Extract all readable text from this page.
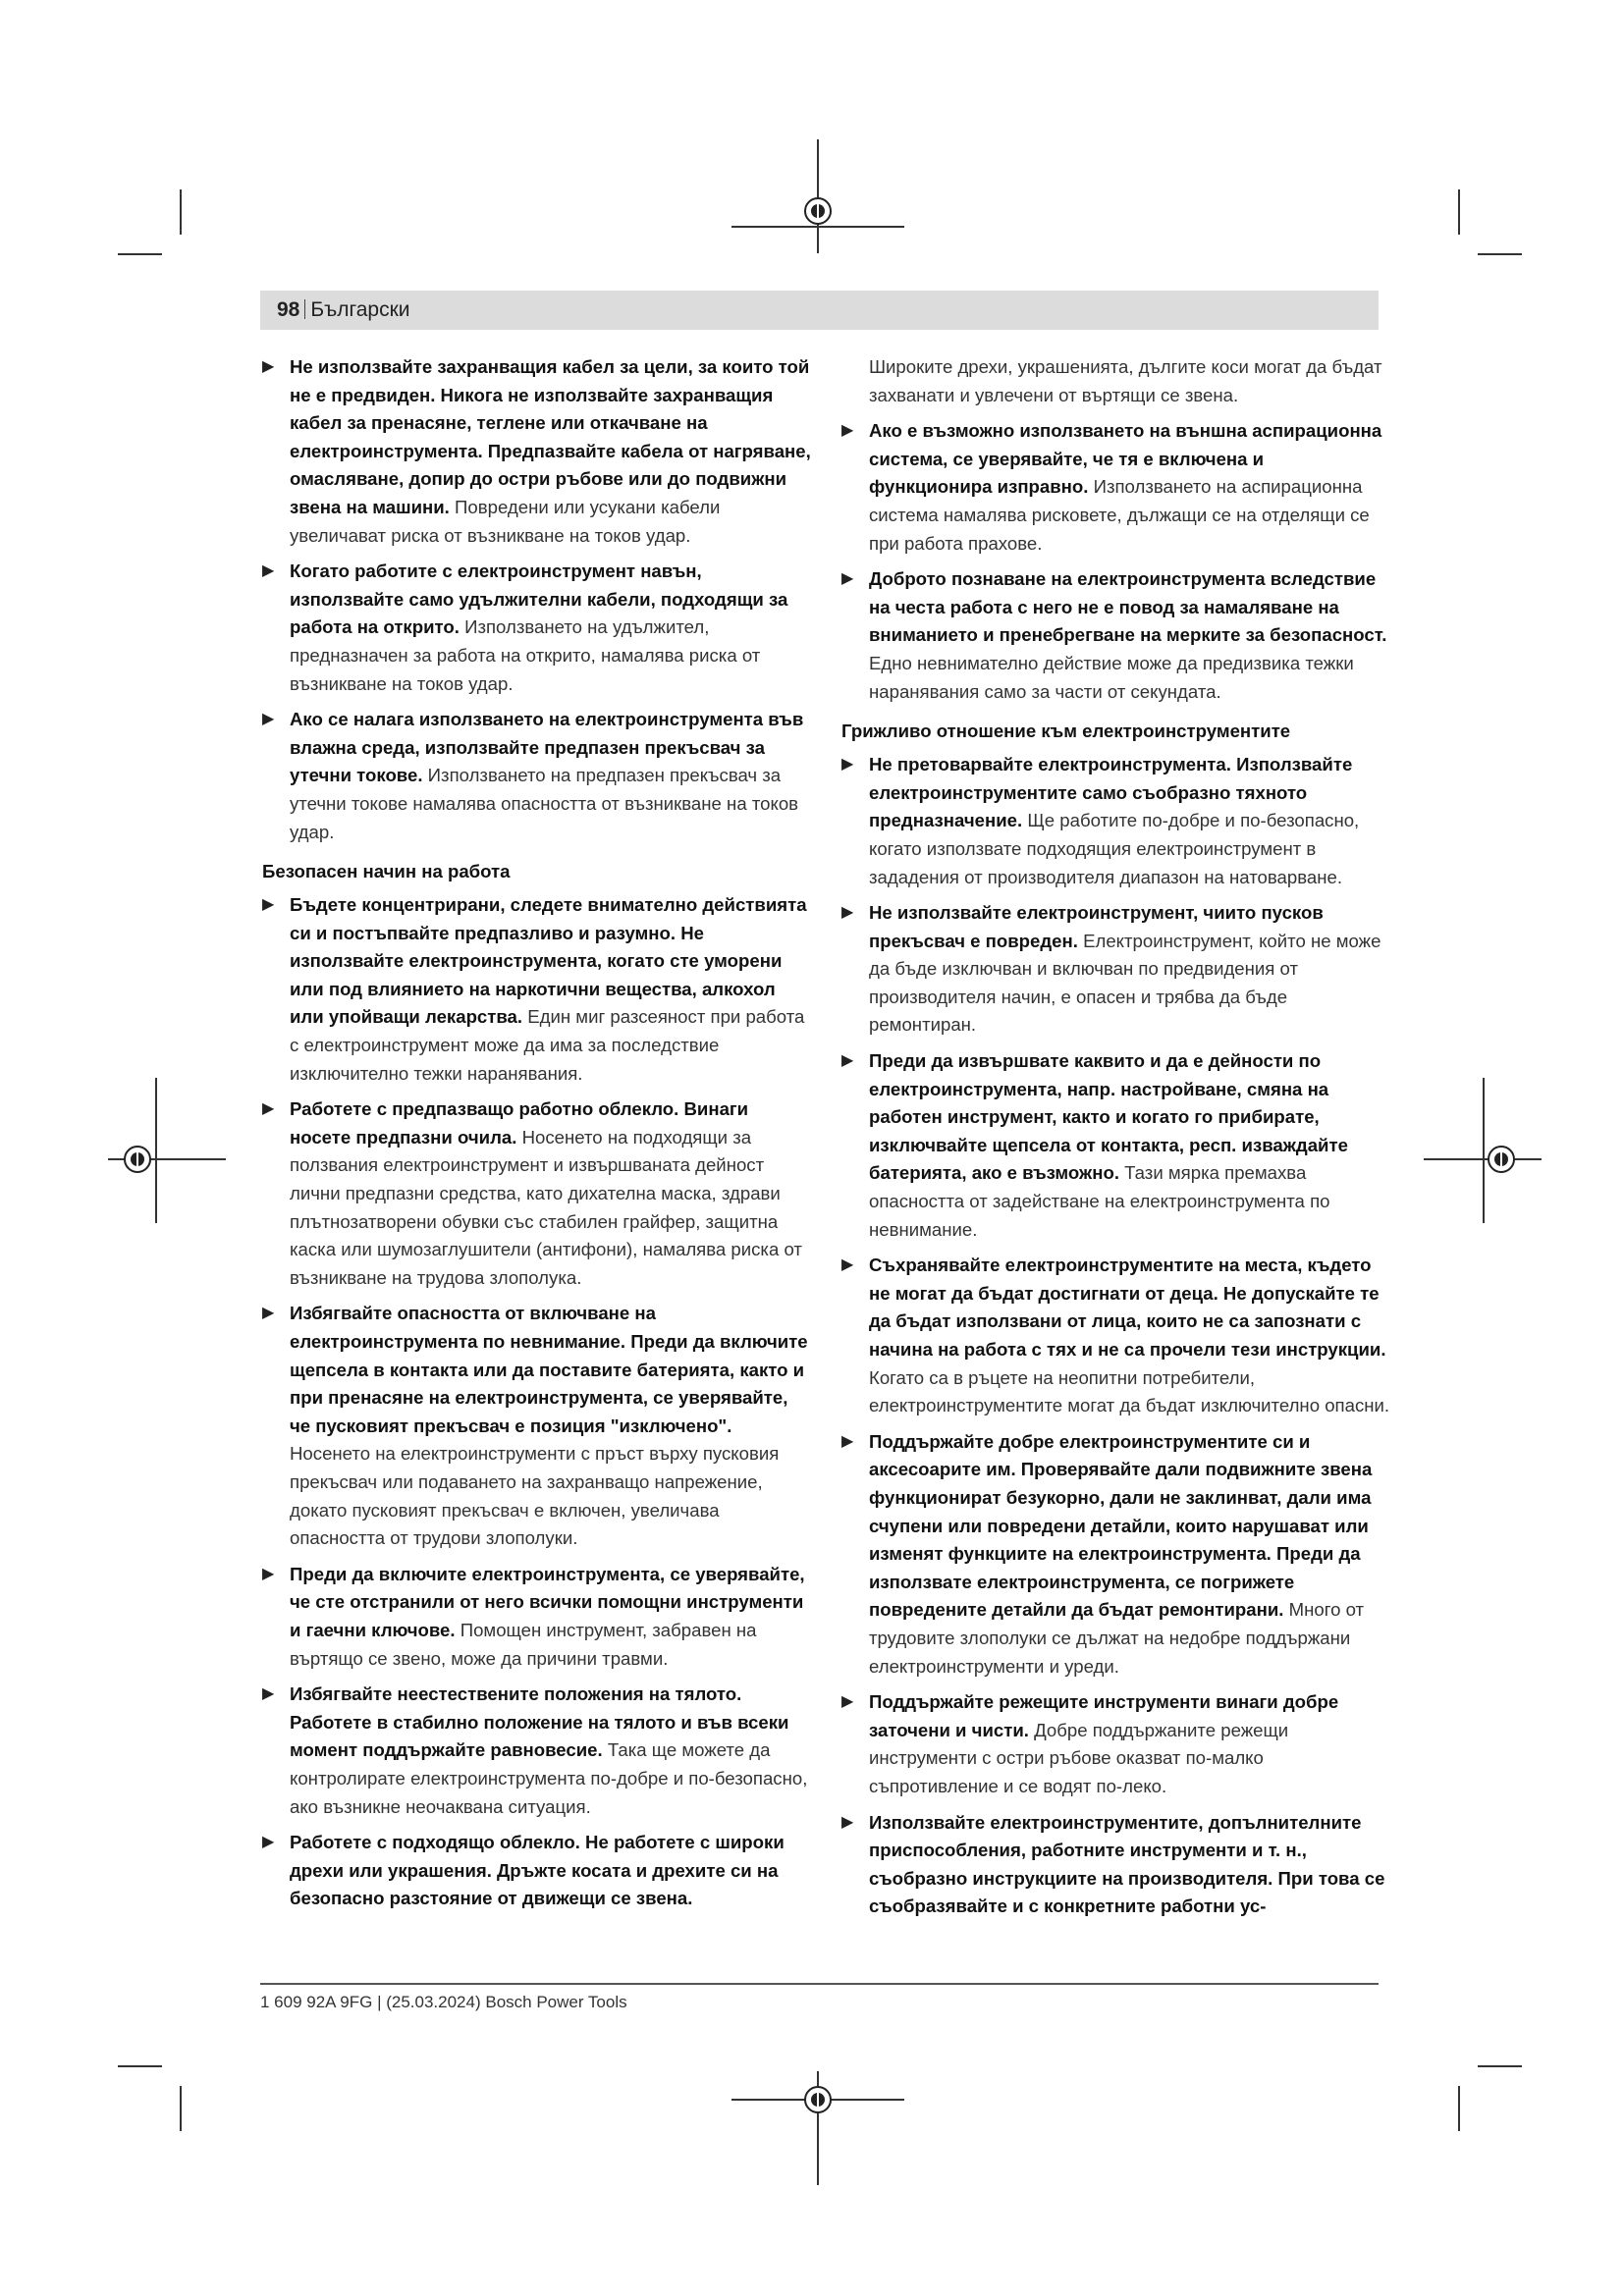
98 Български
▶ Не използвайте захранващия кабел за цели, за които той не е предвиден. Никога не използвайте захранващия кабел за пренасяне, теглене или откачване на електроинструмента. Предпазвайте кабела от нагряване, омасляване, допир до остри ръбове или до подвижни звена на машини. Повредени или усукани кабели увеличават риска от възникване на токов удар.
▶ Когато работите с електроинструмент навън, използвайте само удължителни кабели, подходящи за работа на открито. Използването на удължител, предназначен за работа на открито, намалява риска от възникване на токов удар.
▶ Ако се налага използването на електроинструмента във влажна среда, използвайте предпазен прекъсвач за утечни токове. Използването на предпазен прекъсвач за утечни токове намалява опасността от възникване на токов удар.
Безопасен начин на работа
▶ Бъдете концентрирани, следете внимателно действията си и постъпвайте предпазливо и разумно. Не използвайте електроинструмента, когато сте уморени или под влиянието на наркотични вещества, алкохол или упойващи лекарства. Един миг разсеяност при работа с електроинструмент може да има за последствие изключително тежки наранявания.
▶ Работете с предпазващо работно облекло. Винаги носете предпазни очила. Носенето на подходящи за ползвания електроинструмент и извършваната дейност лични предпазни средства, като дихателна маска, здрави плътнозатворени обувки със стабилен грайфер, защитна каска или шумозаглушители (антифони), намалява риска от възникване на трудова злополука.
▶ Избягвайте опасността от включване на електроинструмента по невнимание. Преди да включите щепсела в контакта или да поставите батерията, както и при пренасяне на електроинструмента, се уверявайте, че пусковият прекъсвач е позиция "изключено". Носенето на електроинструменти с пръст върху пусковия прекъсвач или подаването на захранващо напрежение, докато пусковият прекъсвач е включен, увеличава опасността от трудови злополуки.
▶ Преди да включите електроинструмента, се уверявайте, че сте отстранили от него всички помощни инструменти и гаечни ключове. Помощен инструмент, забравен на въртящо се звено, може да причини травми.
▶ Избягвайте неестествените положения на тялото. Работете в стабилно положение на тялото и във всеки момент поддържайте равновесие. Така ще можете да контролирате електроинструмента по-добре и по-безопасно, ако възникне неочаквана ситуация.
▶ Работете с подходящо облекло. Не работете с широки дрехи или украшения. Дръжте косата и дрехите си на безопасно разстояние от движещи се звена.
Широките дрехи, украшенията, дългите коси могат да бъдат захванати и увлечени от въртящи се звена.
▶ Ако е възможно използването на външна аспирационна система, се уверявайте, че тя е включена и функционира изправно. Използването на аспирационна система намалява рисковете, дължащи се на отделящи се при работа прахове.
▶ Доброто познаване на електроинструмента вследствие на честа работа с него не е повод за намаляване на вниманието и пренебрегване на мерките за безопасност. Едно невнимателно действие може да предизвика тежки наранявания само за части от секундата.
Грижливо отношение към електроинструментите
▶ Не претоварвайте електроинструмента. Използвайте електроинструментите само съобразно тяхното предназначение. Ще работите по-добре и по-безопасно, когато използвате подходящия електроинструмент в зададения от производителя диапазон на натоварване.
▶ Не използвайте електроинструмент, чиито пусков прекъсвач е повреден. Електроинструмент, който не може да бъде изключван и включван по предвидения от производителя начин, е опасен и трябва да бъде ремонтиран.
▶ Преди да извършвате каквито и да е дейности по електроинструмента, напр. настройване, смяна на работен инструмент, както и когато го прибирате, изключвайте щепсела от контакта, респ. изваждайте батерията, ако е възможно. Тази мярка премахва опасността от задействане на електроинструмента по невнимание.
▶ Съхранявайте електроинструментите на места, където не могат да бъдат достигнати от деца. Не допускайте те да бъдат използвани от лица, които не са запознати с начина на работа с тях и не са прочели тези инструкции. Когато са в ръцете на неопитни потребители, електроинструментите могат да бъдат изключително опасни.
▶ Поддържайте добре електроинструментите си и аксесоарите им. Проверявайте дали подвижните звена функционират безукорно, дали не заклинват, дали има счупени или повредени детайли, които нарушават или изменят функциите на електроинструмента. Преди да използвате електроинструмента, се погрижете повредените детайли да бъдат ремонтирани. Много от трудовите злополуки се дължат на недобре поддържани електроинструменти и уреди.
▶ Поддържайте режещите инструменти винаги добре заточени и чисти. Добре поддържаните режещи инструменти с остри ръбове оказват по-малко съпротивление и се водят по-леко.
▶ Използвайте електроинструментите, допълнителните приспособления, работните инструменти и т. н., съобразно инструкциите на производителя. При това се съобразявайте и с конкретните работни ус-
1 609 92A 9FG | (25.03.2024) Bosch Power Tools
